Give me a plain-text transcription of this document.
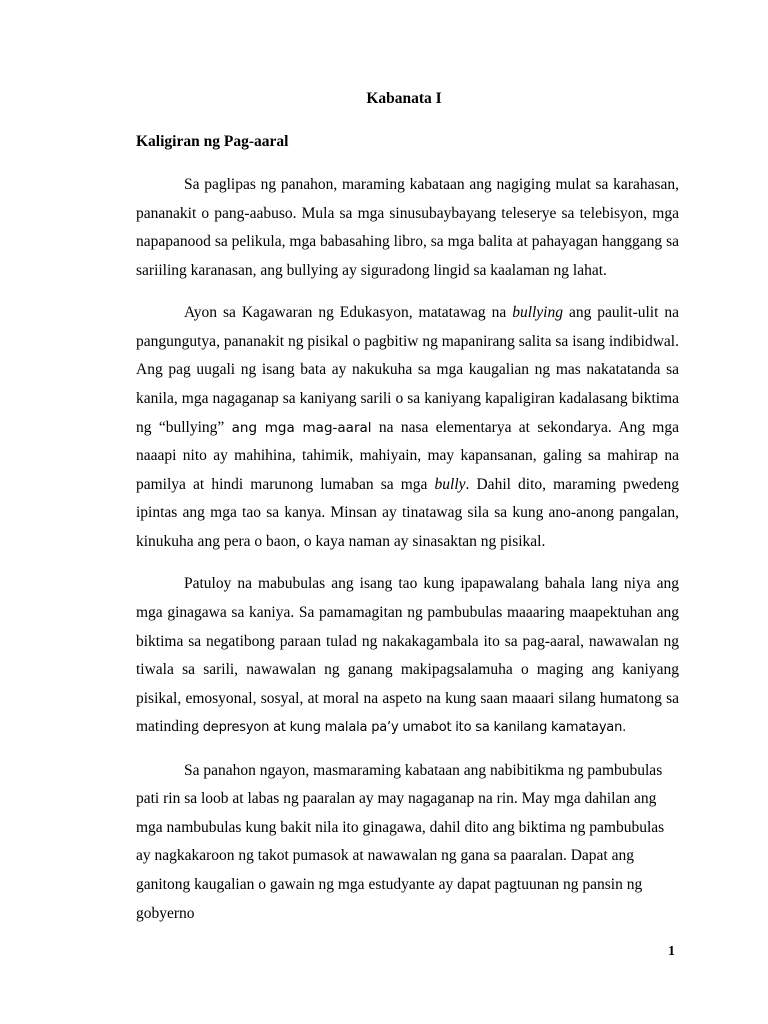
Kabanata I
Kaligiran ng Pag-aaral

Sa paglipas ng panahon, maraming kabataan ang nagiging mulat sa karahasan, pananakit o pang-aabuso. Mula sa mga sinusubaybayang teleserye sa telebisyon, mga napapanood sa pelikula, mga babasahing libro, sa mga balita at pahayagan hanggang sa sariiling karanasan, ang bullying ay siguradong lingid sa kaalaman ng lahat.

Ayon sa Kagawaran ng Edukasyon, matatawag na bullying ang paulit-ulit na pangungutya, pananakit ng pisikal o pagbitiw ng mapanirang salita sa isang indibidwal. Ang pag uugali ng isang bata ay nakukuha sa mga kaugalian ng mas nakatatanda sa kanila, mga nagaganap sa kaniyang sarili o sa kaniyang kapaligiran kadalasang biktima ng “bullying” ang mga mag-aaral na nasa elementarya at sekondarya. Ang mga naaapi nito ay mahihina, tahimik, mahiyain, may kapansanan, galing sa mahirap na pamilya at hindi marunong lumaban sa mga bully. Dahil dito, maraming pwedeng ipintas ang mga tao sa kanya. Minsan ay tinatawag sila sa kung ano-anong pangalan, kinukuha ang pera o baon, o kaya naman ay sinasaktan ng pisikal.

Patuloy na mabubulas ang isang tao kung ipapawalang bahala lang niya ang mga ginagawa sa kaniya. Sa pamamagitan ng pambubulas maaaring maapektuhan ang biktima sa negatibong paraan tulad ng nakakagambala ito sa pag-aaral, nawawalan ng tiwala sa sarili, nawawalan ng ganang makipagsalamuha o maging ang kaniyang pisikal, emosyonal, sosyal, at moral na aspeto na kung saan maaari silang humatong sa matinding depresyon at kung malala pa’y umabot ito sa kanilang kamatayan.

Sa panahon ngayon, masmaraming kabataan ang nabibitikma ng pambubulas pati rin sa loob at labas ng paaralan ay may nagaganap na rin. May mga dahilan ang mga nambubulas kung bakit nila ito ginagawa, dahil dito ang biktima ng pambubulas ay nagkakaroon ng takot pumasok at nawawalan ng gana sa paaralan. Dapat ang ganitong kaugalian o gawain ng mga estudyante ay dapat pagtuunan ng pansin ng gobyerno

1
